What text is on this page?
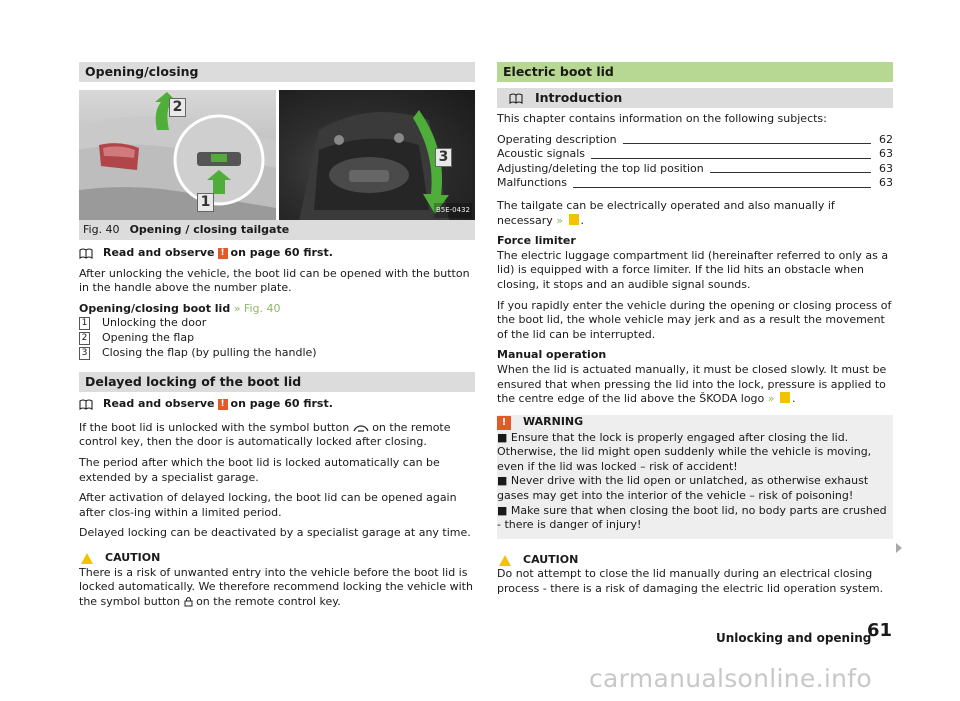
Opening/closing
2
1
3
B5E-0432
Fig. 40 Opening / closing tailgate
Read and observe ! on page 60 first.

After unlocking the vehicle, the boot lid can be opened with the button in the handle above the number plate.

Opening/closing boot lid » Fig. 40

1 Unlocking the door
2 Opening the flap
3 Closing the flap (by pulling the handle)
Delayed locking of the boot lid
Read and observe ! on page 60 first.

If the boot lid is unlocked with the symbol button on the remote control key, then the door is automatically locked after closing.

The period after which the boot lid is locked automatically can be extended by a specialist garage.

After activation of delayed locking, the boot lid can be opened again after clos-ing within a limited period.

Delayed locking can be deactivated by a specialist garage at any time.

CAUTION

There is a risk of unwanted entry into the vehicle before the boot lid is locked automatically. We therefore recommend locking the vehicle with the symbol button on the remote control key.

Electric boot lid
Introduction

This chapter contains information on the following subjects:

Operating description	62
Acoustic signals	63
Adjusting/deleting the top lid position	63
Malfunctions	63

The tailgate can be electrically operated and also manually if necessary » .

Force limiter
The electric luggage compartment lid (hereinafter referred to only as a lid) is equipped with a force limiter. If the lid hits an obstacle when closing, it stops and an audible signal sounds.

If you rapidly enter the vehicle during the opening or closing process of the boot lid, the whole vehicle may jerk and as a result the movement of the lid can be interrupted.

Manual operation
When the lid is actuated manually, it must be closed slowly. It must be ensured that when pressing the lid into the lock, pressure is applied to the centre edge of the lid above the ŠKODA logo » .

!	WARNING
■ Ensure that the lock is properly engaged after closing the lid. Otherwise, the lid might open suddenly while the vehicle is moving, even if the lid was locked – risk of accident!
■ Never drive with the lid open or unlatched, as otherwise exhaust gases may get into the interior of the vehicle – risk of poisoning!
■ Make sure that when closing the boot lid, no body parts are crushed - there is danger of injury!
CAUTION

Do not attempt to close the lid manually during an electrical closing process - there is a risk of damaging the electric lid operation system.

Unlocking and opening
61
carmanualsonline.info
